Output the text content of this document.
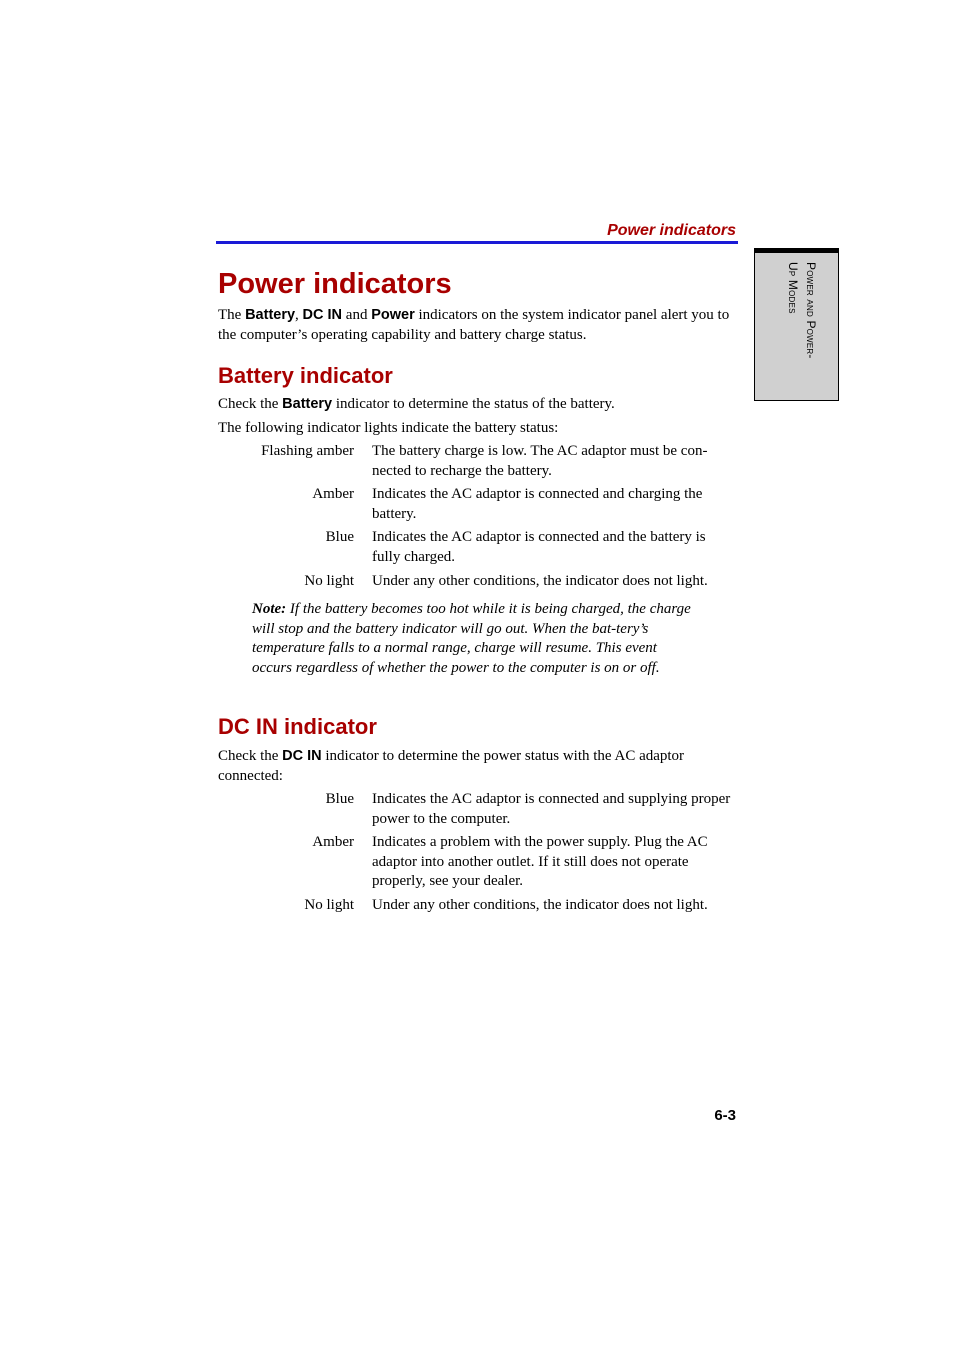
Power indicators
Power and Power-
Up Modes
Power indicators

The Battery, DC IN and Power indicators on the system indicator panel alert you to the computer’s operating capability and battery charge status.

Battery indicator

Check the Battery indicator to determine the status of the battery.

The following indicator lights indicate the battery status:

Flashing amber The battery charge is low. The AC adaptor must be con-nected to recharge the battery.
Amber Indicates the AC adaptor is connected and charging the battery.
Blue Indicates the AC adaptor is connected and the battery is fully charged.
No light Under any other conditions, the indicator does not light.
Note: If the battery becomes too hot while it is being charged, the charge will stop and the battery indicator will go out. When the bat-tery’s temperature falls to a normal range, charge will resume. This event occurs regardless of whether the power to the computer is on or off.
DC IN indicator

Check the DC IN indicator to determine the power status with the AC adaptor connected:

Blue Indicates the AC adaptor is connected and supplying proper power to the computer.
Amber Indicates a problem with the power supply. Plug the AC adaptor into another outlet. If it still does not operate properly, see your dealer.
No light Under any other conditions, the indicator does not light.
6-3
